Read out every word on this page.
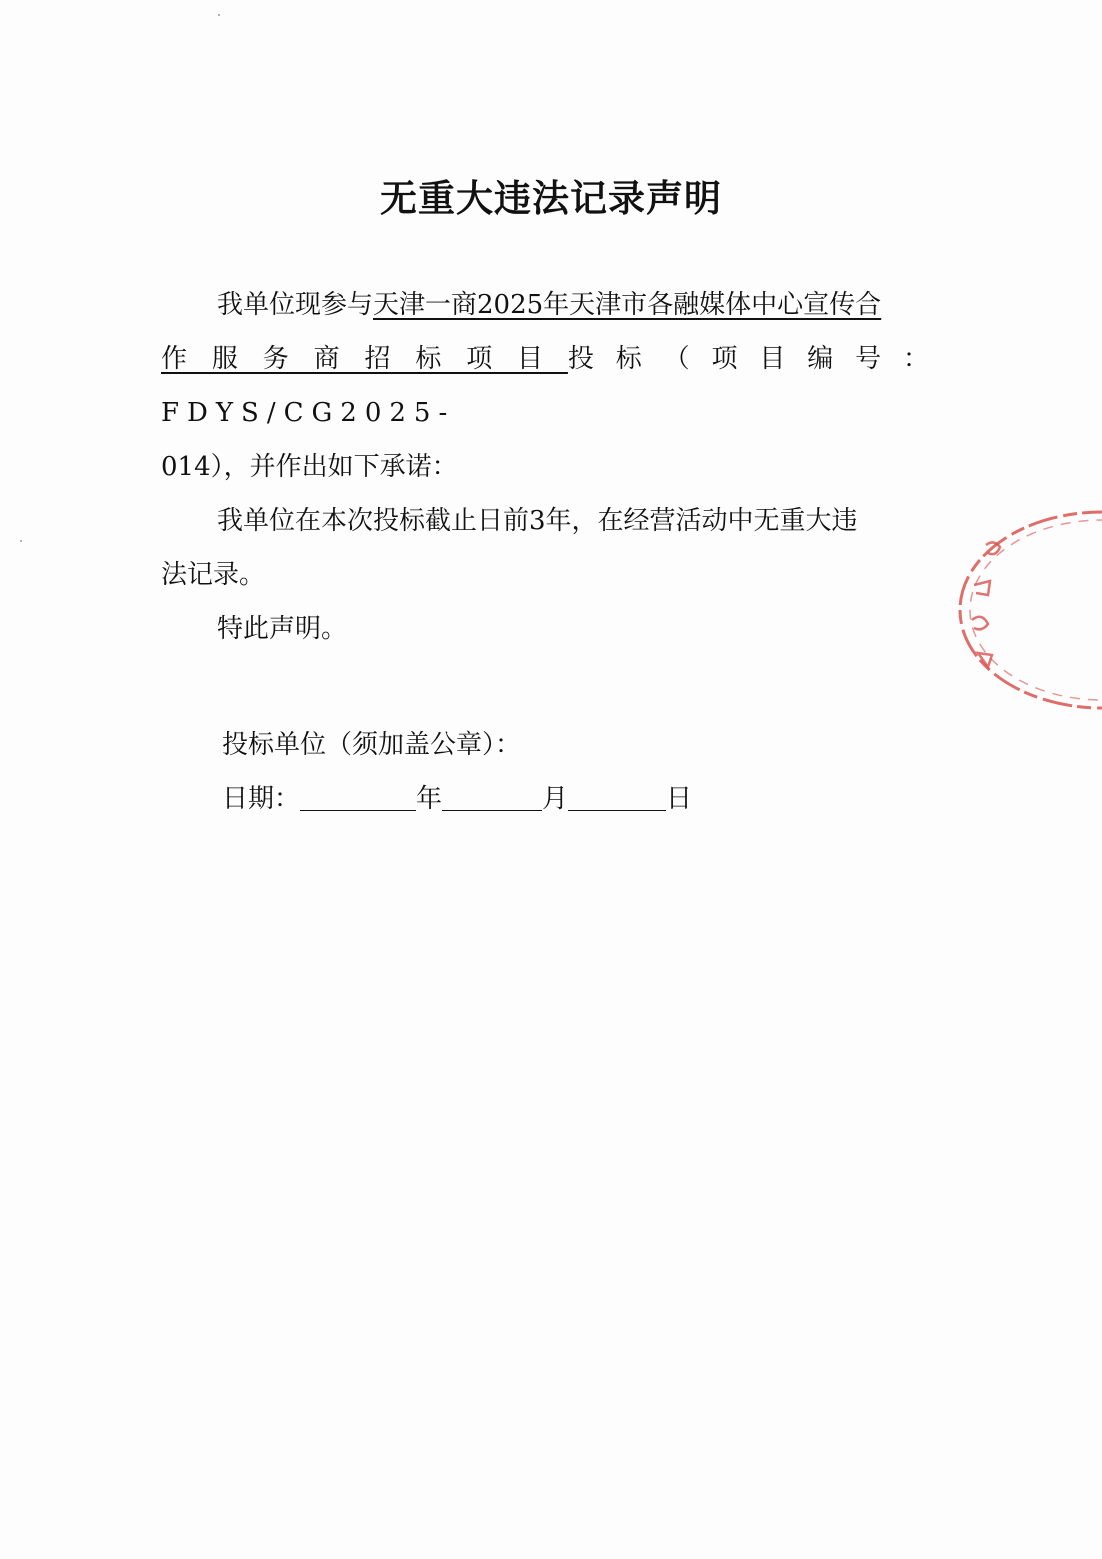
无重大违法记录声明

我单位现参与天津一商2025年天津市各融媒体中心宣传合

作服务商招标项目投标（项目编号：FDYS/CG2025-

014），并作出如下承诺：

我单位在本次投标截止日前3年，在经营活动中无重大违

法记录。

特此声明。

投标单位（须加盖公章）：
日期：	年	月	日
